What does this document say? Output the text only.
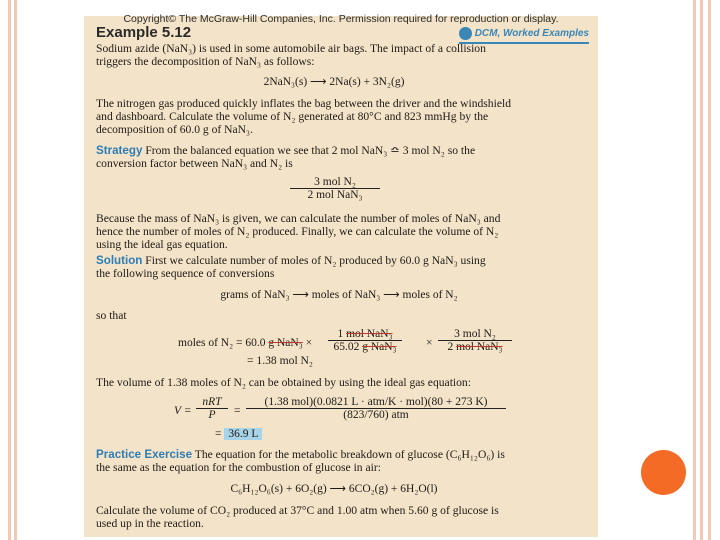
Copyright© The McGraw-Hill Companies, Inc. Permission required for reproduction or display.
Example 5.12	DCM, Worked Examples
Sodium azide (NaN₃) is used in some automobile air bags. The impact of a collision
triggers the decomposition of NaN₃ as follows:
2NaN₃(s) ⟶ 2Na(s) + 3N₂(g)
The nitrogen gas produced quickly inflates the bag between the driver and the windshield
and dashboard. Calculate the volume of N₂ generated at 80°C and 823 mmHg by the
decomposition of 60.0 g of NaN₃.
Strategy From the balanced equation we see that 2 mol NaN₃ ≏ 3 mol N₂ so the
conversion factor between NaN₃ and N₂ is
3 mol N₂
2 mol NaN₃
Because the mass of NaN₃ is given, we can calculate the number of moles of NaN₃ and
hence the number of moles of N₂ produced. Finally, we can calculate the volume of N₂
using the ideal gas equation.
Solution First we calculate number of moles of N₂ produced by 60.0 g NaN₃ using
the following sequence of conversions
grams of NaN₃ ⟶ moles of NaN₃ ⟶ moles of N₂
so that
moles of N₂ = 60.0 g NaN₃ ×
1 mol NaN₃
65.02 g NaN₃	×
3 mol N₂
2 mol NaN₃
= 1.38 mol N₂
The volume of 1.38 moles of N₂ can be obtained by using the ideal gas equation:
V =
nRT
P	=
(1.38 mol)(0.0821 L · atm/K · mol)(80 + 273 K)
(823/760) atm
= 36.9 L
Practice Exercise The equation for the metabolic breakdown of glucose (C₆H₁₂O₆) is
the same as the equation for the combustion of glucose in air:
C₆H₁₂O₆(s) + 6O₂(g) ⟶ 6CO₂(g) + 6H₂O(l)
Calculate the volume of CO₂ produced at 37°C and 1.00 atm when 5.60 g of glucose is
used up in the reaction.
